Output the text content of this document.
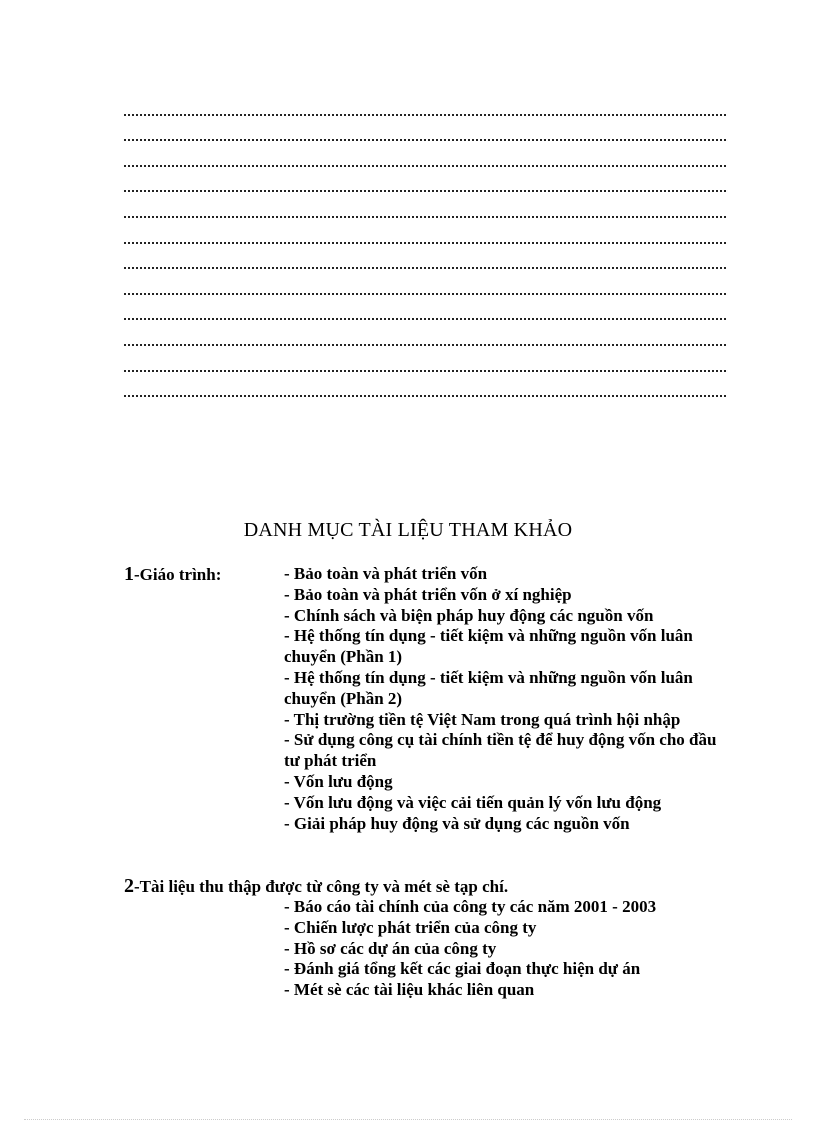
DANH MỤC TÀI LIỆU THAM KHẢO
1-Giáo trình:	- Bảo toàn và phát triển vốn
- Bảo toàn và phát triển vốn ở xí nghiệp
- Chính sách và biện pháp huy động các nguồn vốn
- Hệ thống tín dụng - tiết kiệm và những nguồn vốn luân chuyển (Phần 1)
- Hệ thống tín dụng - tiết kiệm và những nguồn vốn luân chuyển (Phần 2)
- Thị trường tiền tệ Việt Nam trong quá trình hội nhập
- Sử dụng công cụ tài chính tiền tệ để huy động vốn cho đầu tư phát triển
- Vốn lưu động
- Vốn lưu động và việc cải tiến quản lý vốn lưu động
- Giải pháp huy động và sử dụng các nguồn vốn
2-Tài liệu thu thập được từ công ty và mét sè tạp chí.
- Báo cáo tài chính của công ty các năm 2001 - 2003
- Chiến lược phát triển của công ty
- Hồ sơ các dự án của công ty
- Đánh giá tổng kết các giai đoạn thực hiện dự án
- Mét sè các tài liệu khác liên quan
